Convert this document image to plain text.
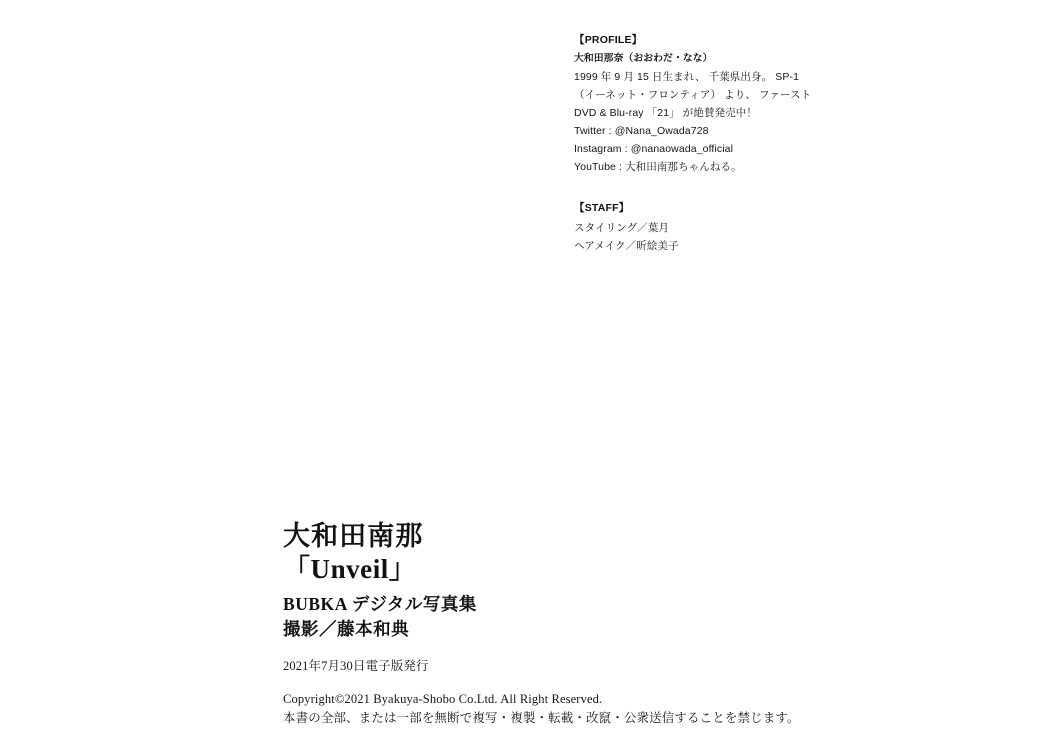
【PROFILE】
大和田那奈（おおわだ・なな）
1999 年 9 月 15 日生まれ、 千葉県出身。 SP-1
（イーネット・フロンティア） より、 ファースト
DVD & Blu-ray 「21」 が絶賛発売中！
Twitter : @Nana_Owada728
Instagram : @nanaowada_official
YouTube : 大和田南那ちゃんねる。
【STAFF】
スタイリング／葉月
ヘアメイク／昕絵美子
大和田南那
「Unveil」
BUBKA デジタル写真集
撮影／藤本和典
2021年7月30日電子版発行
Copyright©2021 Byakuya-Shobo Co.Ltd. All Right Reserved.
本書の全部、または一部を無断で複写・複製・転載・改竄・公衆送信することを禁じます。
